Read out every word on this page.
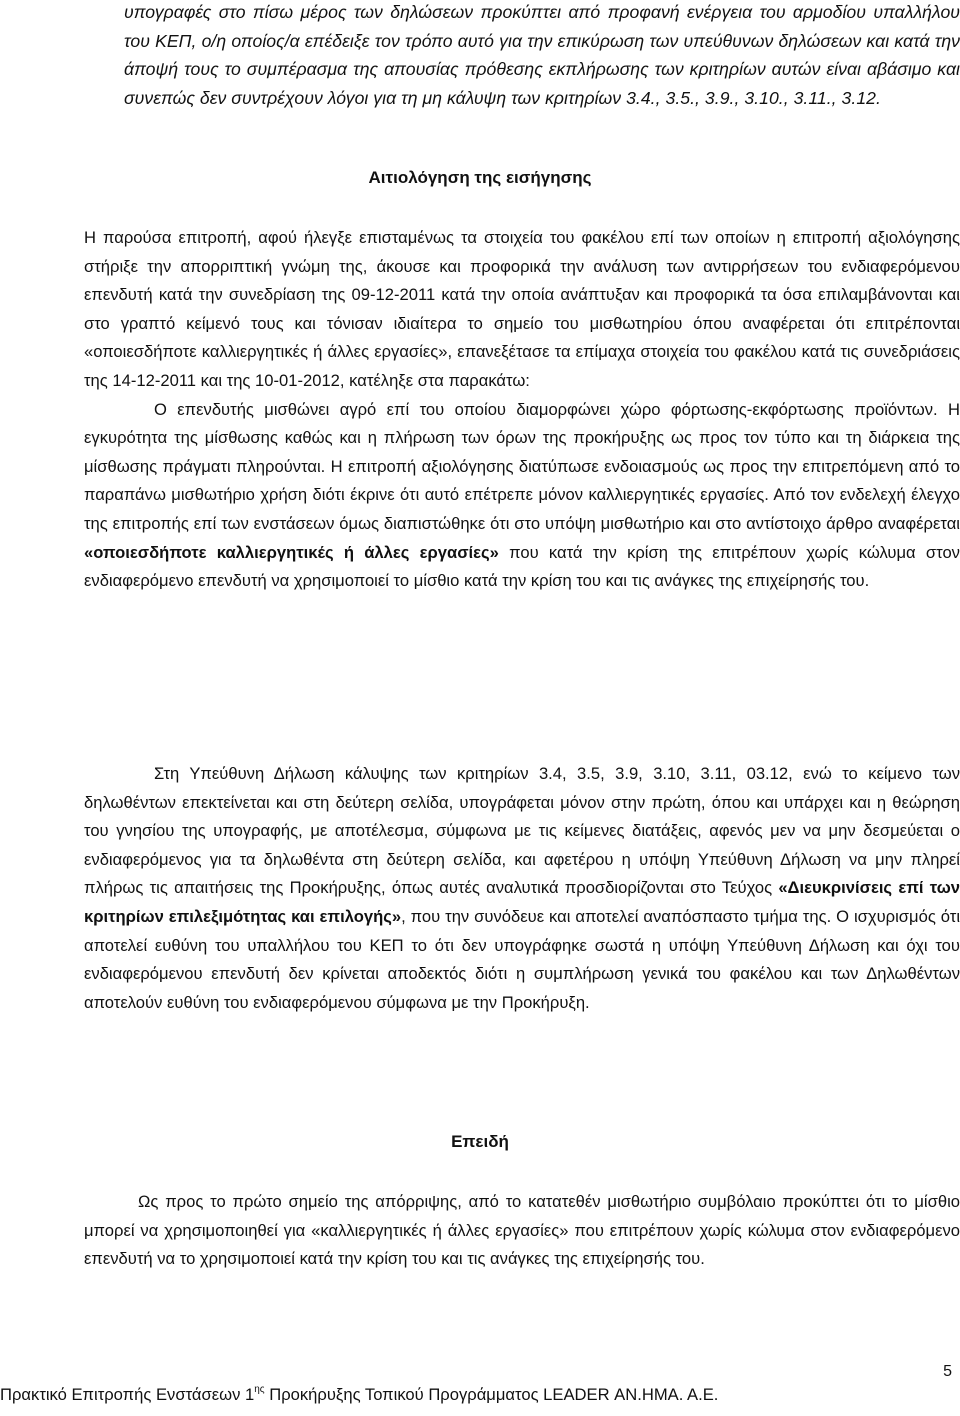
υπογραφές στο πίσω μέρος των δηλώσεων προκύπτει από προφανή ενέργεια του αρμοδίου υπαλλήλου του ΚΕΠ, ο/η οποίος/α επέδειξε τον τρόπο αυτό για την επικύρωση των υπεύθυνων δηλώσεων και κατά την άποψή τους το συμπέρασμα της απουσίας πρόθεσης εκπλήρωσης των κριτηρίων αυτών είναι αβάσιμο και συνεπώς δεν συντρέχουν λόγοι για τη μη κάλυψη των κριτηρίων 3.4., 3.5., 3.9., 3.10., 3.11., 3.12.

Αιτιολόγηση της εισήγησης

Η παρούσα επιτροπή, αφού ήλεγξε επισταμένως τα στοιχεία του φακέλου επί των οποίων η επιτροπή αξιολόγησης στήριξε την απορριπτική γνώμη της, άκουσε και προφορικά την ανάλυση των αντιρρήσεων του ενδιαφερόμενου επενδυτή κατά την συνεδρίαση της 09-12-2011 κατά την οποία ανάπτυξαν και προφορικά τα όσα επιλαμβάνονται και στο γραπτό κείμενό τους και τόνισαν ιδιαίτερα το σημείο του μισθωτηρίου όπου αναφέρεται ότι επιτρέπονται «οποιεσδήποτε καλλιεργητικές ή άλλες εργασίες», επανεξέτασε τα επίμαχα στοιχεία του φακέλου κατά τις συνεδριάσεις της 14-12-2011 και της 10-01-2012, κατέληξε στα παρακάτω:

Ο επενδυτής μισθώνει αγρό επί του οποίου διαμορφώνει χώρο φόρτωσης-εκφόρτωσης προϊόντων. Η εγκυρότητα της μίσθωσης καθώς και η πλήρωση των όρων της προκήρυξης ως προς τον τύπο και τη διάρκεια της μίσθωσης πράγματι πληρούνται. Η επιτροπή αξιολόγησης διατύπωσε ενδοιασμούς ως προς την επιτρεπόμενη από το παραπάνω μισθωτήριο χρήση διότι έκρινε ότι αυτό επέτρεπε μόνον καλλιεργητικές εργασίες. Από τον ενδελεχή έλεγχο της επιτροπής επί των ενστάσεων όμως διαπιστώθηκε ότι στο υπόψη μισθωτήριο και στο αντίστοιχο άρθρο αναφέρεται «οποιεσδήποτε καλλιεργητικές ή άλλες εργασίες» που κατά την κρίση της επιτρέπουν χωρίς κώλυμα στον ενδιαφερόμενο επενδυτή να χρησιμοποιεί το μίσθιο κατά την κρίση του και τις ανάγκες της επιχείρησής του.

Στη Υπεύθυνη Δήλωση κάλυψης των κριτηρίων 3.4, 3.5, 3.9, 3.10, 3.11, 03.12, ενώ το κείμενο των δηλωθέντων επεκτείνεται και στη δεύτερη σελίδα, υπογράφεται μόνον στην πρώτη, όπου και υπάρχει και η θεώρηση του γνησίου της υπογραφής, με αποτέλεσμα, σύμφωνα με τις κείμενες διατάξεις, αφενός μεν να μην δεσμεύεται ο ενδιαφερόμενος για τα δηλωθέντα στη δεύτερη σελίδα, και αφετέρου η υπόψη Υπεύθυνη Δήλωση να μην πληρεί πλήρως τις απαιτήσεις της Προκήρυξης, όπως αυτές αναλυτικά προσδιορίζονται στο Τεύχος «Διευκρινίσεις επί των κριτηρίων επιλεξιμότητας και επιλογής», που την συνόδευε και αποτελεί αναπόσπαστο τμήμα της. Ο ισχυρισμός ότι αποτελεί ευθύνη του υπαλλήλου του ΚΕΠ το ότι δεν υπογράφηκε σωστά η υπόψη Υπεύθυνη Δήλωση και όχι του ενδιαφερόμενου επενδυτή δεν κρίνεται αποδεκτός διότι η συμπλήρωση γενικά του φακέλου και των Δηλωθέντων αποτελούν ευθύνη του ενδιαφερόμενου σύμφωνα με την Προκήρυξη.

Επειδή

Ως προς το πρώτο σημείο της απόρριψης, από το κατατεθέν μισθωτήριο συμβόλαιο προκύπτει ότι το μίσθιο μπορεί να χρησιμοποιηθεί για «καλλιεργητικές ή άλλες εργασίες» που επιτρέπουν χωρίς κώλυμα στον ενδιαφερόμενο επενδυτή να το χρησιμοποιεί κατά την κρίση του και τις ανάγκες της επιχείρησής του.

5
Πρακτικό Επιτροπής Ενστάσεων $1^{\eta\varsigma}$ Προκήρυξης Τοπικού Προγράμματος LEADER ΑΝ.ΗΜΑ. Α.Ε.
